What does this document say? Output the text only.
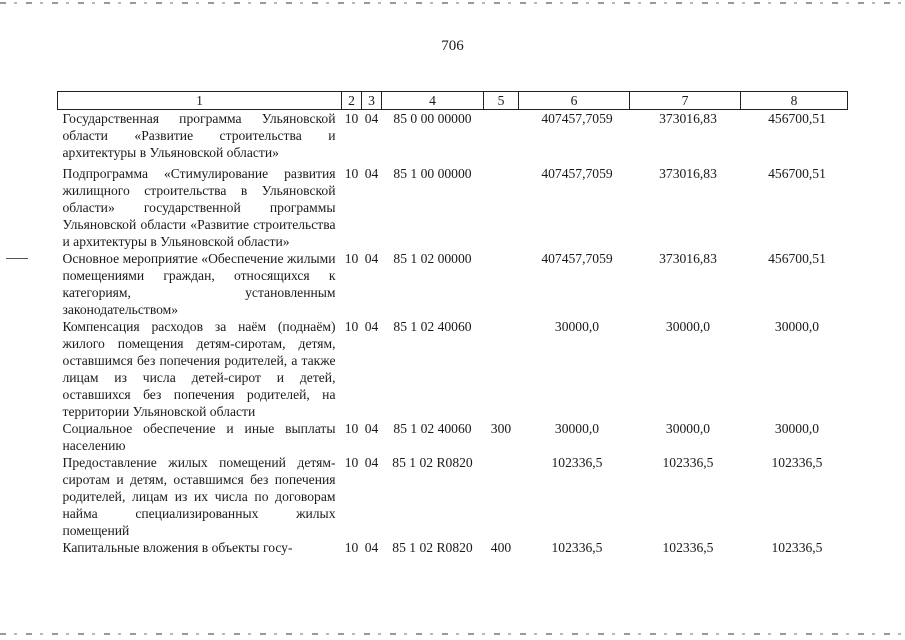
706
1	2	3	4	5	6	7	8
Государственная программа Ульяновской области «Развитие строительства и архитектуры в Ульяновской области»	10	04	85 0 00 00000		407457,7059	373016,83	456700,51
Подпрограмма «Стимулирование развития жилищного строительства в Ульяновской области» государственной программы Ульяновской области «Развитие строительства и архитектуры в Ульяновской области»	10	04	85 1 00 00000		407457,7059	373016,83	456700,51
Основное мероприятие «Обеспечение жилыми помещениями граждан, относящихся к категориям, установленным законодательством»	10	04	85 1 02 00000		407457,7059	373016,83	456700,51
Компенсация расходов за наём (поднаём) жилого помещения детям-сиротам, детям, оставшимся без попечения родителей, а также лицам из числа детей-сирот и детей, оставшихся без попечения родителей, на территории Ульяновской области	10	04	85 1 02 40060		30000,0	30000,0	30000,0
Социальное обеспечение и иные выплаты населению	10	04	85 1 02 40060	300	30000,0	30000,0	30000,0
Предоставление жилых помещений детям-сиротам и детям, оставшимся без попечения родителей, лицам из их числа по договорам найма специализированных жилых помещений	10	04	85 1 02 R0820		102336,5	102336,5	102336,5
Капитальные вложения в объекты госу-	10	04	85 1 02 R0820	400	102336,5	102336,5	102336,5
